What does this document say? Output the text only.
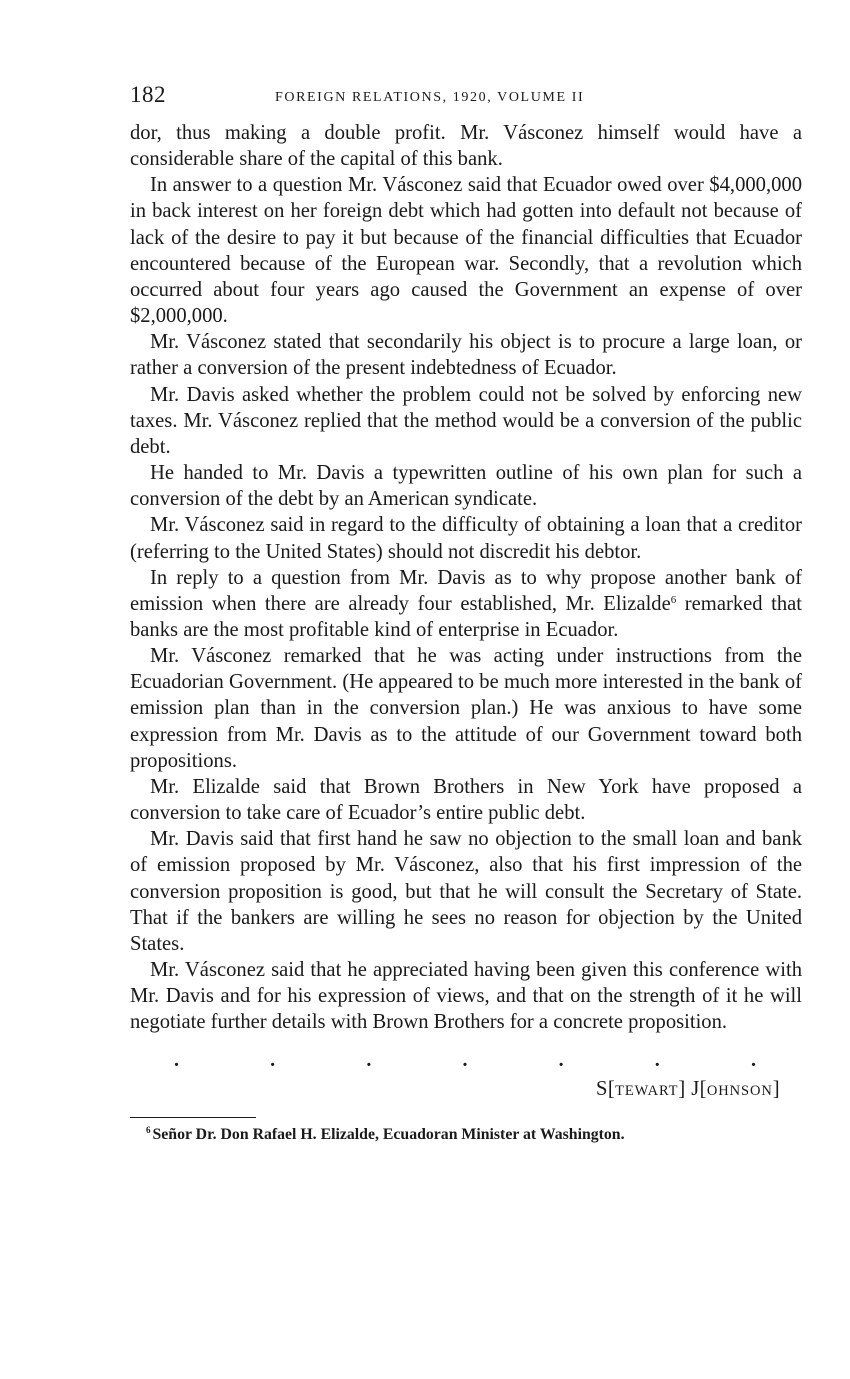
182	FOREIGN RELATIONS, 1920, VOLUME II

dor, thus making a double profit. Mr. Vásconez himself would have a considerable share of the capital of this bank.

In answer to a question Mr. Vásconez said that Ecuador owed over $4,000,000 in back interest on her foreign debt which had gotten into default not because of lack of the desire to pay it but because of the financial difficulties that Ecuador encountered because of the European war. Secondly, that a revolution which occurred about four years ago caused the Government an expense of over $2,000,000.

Mr. Vásconez stated that secondarily his object is to procure a large loan, or rather a conversion of the present indebtedness of Ecuador.

Mr. Davis asked whether the problem could not be solved by enforcing new taxes. Mr. Vásconez replied that the method would be a conversion of the public debt.

He handed to Mr. Davis a typewritten outline of his own plan for such a conversion of the debt by an American syndicate.

Mr. Vásconez said in regard to the difficulty of obtaining a loan that a creditor (referring to the United States) should not discredit his debtor.

In reply to a question from Mr. Davis as to why propose another bank of emission when there are already four established, Mr. Elizalde$^6$ remarked that banks are the most profitable kind of enterprise in Ecuador.

Mr. Vásconez remarked that he was acting under instructions from the Ecuadorian Government. (He appeared to be much more interested in the bank of emission plan than in the conversion plan.) He was anxious to have some expression from Mr. Davis as to the attitude of our Government toward both propositions.

Mr. Elizalde said that Brown Brothers in New York have proposed a conversion to take care of Ecuador’s entire public debt.

Mr. Davis said that first hand he saw no objection to the small loan and bank of emission proposed by Mr. Vásconez, also that his first impression of the conversion proposition is good, but that he will consult the Secretary of State. That if the bankers are willing he sees no reason for objection by the United States.

Mr. Vásconez said that he appreciated having been given this conference with Mr. Davis and for his expression of views, and that on the strength of it he will negotiate further details with Brown Brothers for a concrete proposition.

.	.	.	.	.	.	.
S[TEWART] J[OHNSON]
$^6$ Señor Dr. Don Rafael H. Elizalde, Ecuadoran Minister at Washington.
